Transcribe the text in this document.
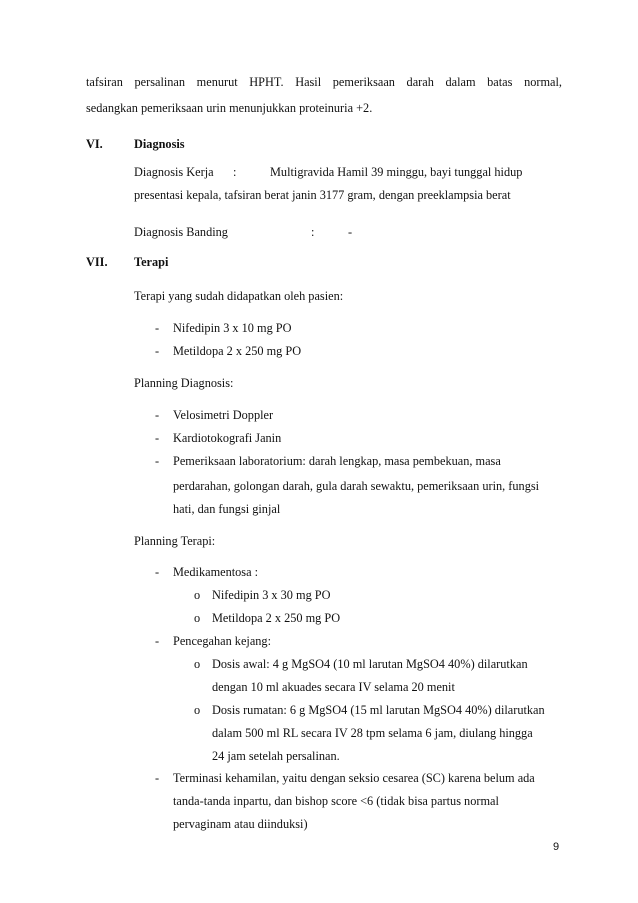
tafsiran persalinan menurut HPHT. Hasil pemeriksaan darah dalam batas normal,
sedangkan pemeriksaan urin menunjukkan proteinuria +2.
VI.	Diagnosis
Diagnosis Kerja :	Multigravida Hamil 39 minggu, bayi tunggal hidup
presentasi kepala, tafsiran berat janin 3177 gram, dengan preeklampsia berat
Diagnosis Banding	:	-
VII. Terapi
Terapi yang sudah didapatkan oleh pasien:
- Nifedipin 3 x 10 mg PO
- Metildopa 2 x 250 mg PO
Planning Diagnosis:
- Velosimetri Doppler
- Kardiotokografi Janin
- Pemeriksaan laboratorium: darah lengkap, masa pembekuan, masa
perdarahan, golongan darah, gula darah sewaktu, pemeriksaan urin, fungsi
hati, dan fungsi ginjal
Planning Terapi:
- Medikamentosa :
o Nifedipin 3 x 30 mg PO
o Metildopa 2 x 250 mg PO
- Pencegahan kejang:
o Dosis awal: 4 g MgSO4 (10 ml larutan MgSO4 40%) dilarutkan
dengan 10 ml akuades secara IV selama 20 menit
o Dosis rumatan: 6 g MgSO4 (15 ml larutan MgSO4 40%) dilarutkan
dalam 500 ml RL secara IV 28 tpm selama 6 jam, diulang hingga
24 jam setelah persalinan.
- Terminasi kehamilan, yaitu dengan seksio cesarea (SC) karena belum ada
tanda-tanda inpartu, dan bishop score <6 (tidak bisa partus normal
pervaginam atau diinduksi)
9
